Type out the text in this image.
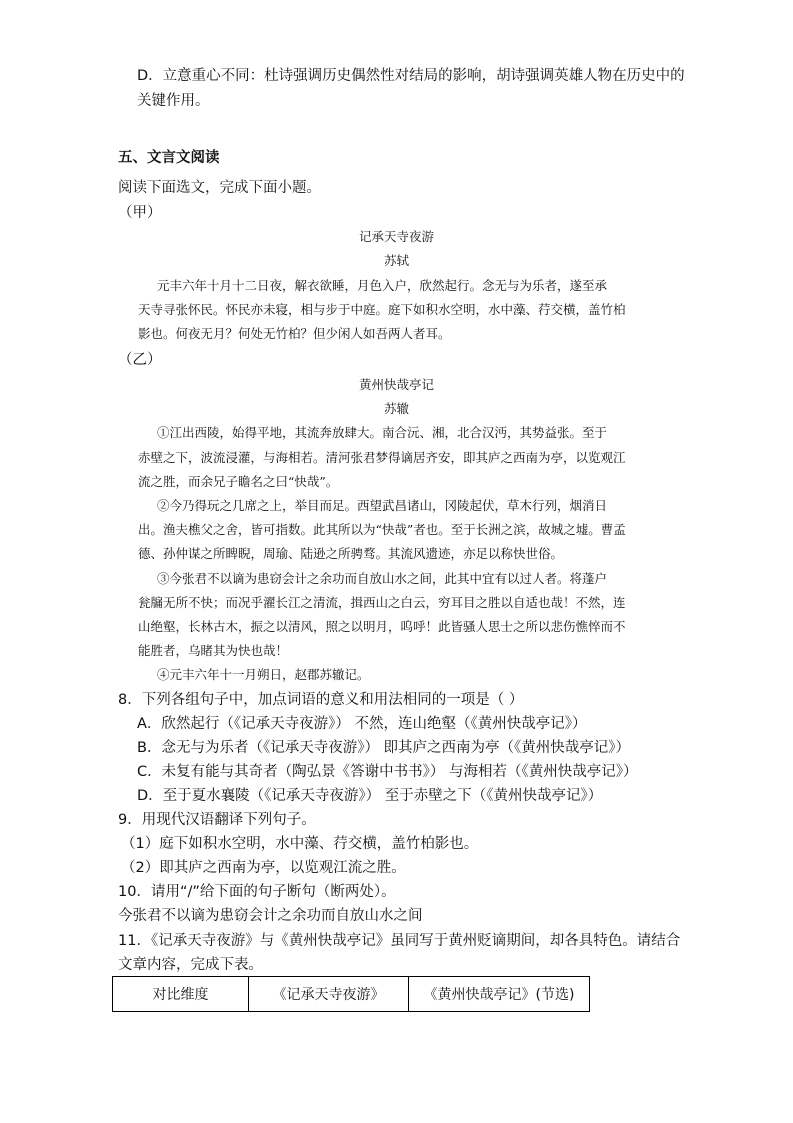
D．立意重心不同：杜诗强调历史偶然性对结局的影响，胡诗强调英雄人物在历史中的
关键作用。
五、文言文阅读
阅读下面选文，完成下面小题。
（甲）
记承天寺夜游
苏轼
元丰六年十月十二日夜，解衣欲睡，月色入户，欣然起行。念无与为乐者，遂至承
天寺寻张怀民。怀民亦未寝，相与步于中庭。庭下如积水空明，水中藻、荇交横，盖竹柏
影也。何夜无月？何处无竹柏？但少闲人如吾两人者耳。
（乙）
黄州快哉亭记
苏辙
①江出西陵，始得平地，其流奔放肆大。南合沅、湘，北合汉沔，其势益张。至于
赤壁之下，波流浸灌，与海相若。清河张君梦得谪居齐安，即其庐之西南为亭，以览观江
流之胜，而余兄子瞻名之曰“快哉”。
②今乃得玩之几席之上，举目而足。西望武昌诸山，冈陵起伏，草木行列，烟消日
出。渔夫樵父之舍，皆可指数。此其所以为“快哉”者也。至于长洲之滨，故城之墟。曹孟
德、孙仲谋之所睥睨，周瑜、陆逊之所骋骛。其流风遗迹，亦足以称快世俗。
③今张君不以谪为患窃会计之余功而自放山水之间，此其中宜有以过人者。将蓬户
瓮牖无所不快；而况乎濯长江之清流，揖西山之白云，穷耳目之胜以自适也哉！不然，连
山绝壑，长林古木，振之以清风，照之以明月，呜呼！此皆骚人思士之所以悲伤憔悴而不
能胜者，乌睹其为快也哉！
④元丰六年十一月朔日，赵郡苏辙记。
8．下列各组句子中，加点词语的意义和用法相同的一项是（ ）
A．欣然起行（《记承天寺夜游》） 不然，连山绝壑（《黄州快哉亭记》）
B．念无与为乐者（《记承天寺夜游》） 即其庐之西南为亭（《黄州快哉亭记》）
C．未复有能与其奇者（陶弘景《答谢中书书》） 与海相若（《黄州快哉亭记》）
D．至于夏水襄陵（《记承天寺夜游》） 至于赤壁之下（《黄州快哉亭记》）
9．用现代汉语翻译下列句子。
（1）庭下如积水空明，水中藻、荇交横，盖竹柏影也。
（2）即其庐之西南为亭，以览观江流之胜。
10．请用“/”给下面的句子断句（断两处）。
今张君不以谪为患窃会计之余功而自放山水之间
11．《记承天寺夜游》与《黄州快哉亭记》虽同写于黄州贬谪期间，却各具特色。请结合
文章内容，完成下表。
对比维度	《记承天寺夜游》	《黄州快哉亭记》(节选)
